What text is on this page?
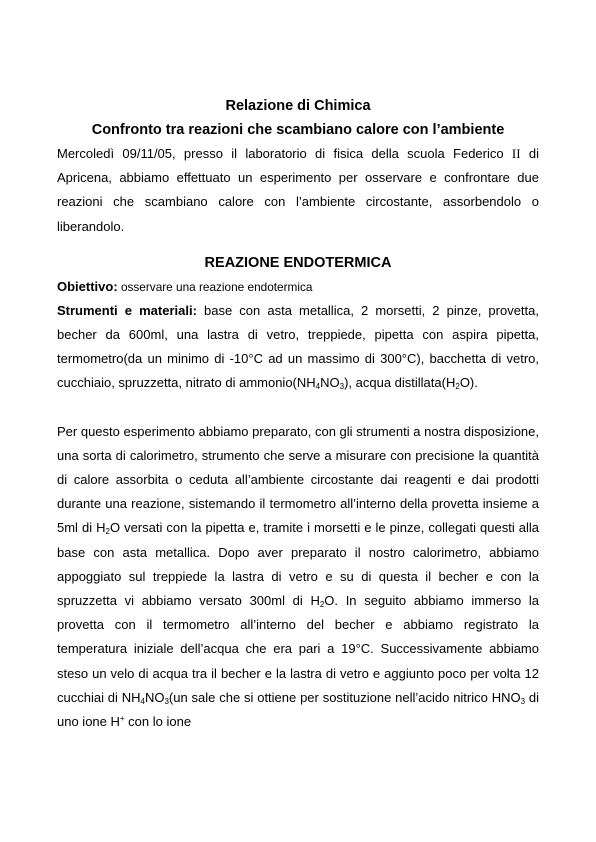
Relazione di Chimica
Confronto tra reazioni che scambiano calore con l’ambiente

Mercoledì 09/11/05, presso il laboratorio di fisica della scuola Federico II di Apricena, abbiamo effettuato un esperimento per osservare e confrontare due reazioni che scambiano calore con l’ambiente circostante, assorbendolo o liberandolo.

REAZIONE ENDOTERMICA

Obiettivo: osservare una reazione endotermica

Strumenti e materiali: base con asta metallica, 2 morsetti, 2 pinze, provetta, becher da 600ml, una lastra di vetro, treppiede, pipetta con aspira pipetta, termometro(da un minimo di -10°C ad un massimo di 300°C), bacchetta di vetro, cucchiaio, spruzzetta, nitrato di $ammonio(NH_4NO_3)$, acqua $distillata(H_2O)$.

Per questo esperimento abbiamo preparato, con gli strumenti a nostra disposizione, una sorta di calorimetro, strumento che serve a misurare con precisione la quantità di calore assorbita o ceduta all’ambiente circostante dai reagenti e dai prodotti durante una reazione, sistemando il termometro all’interno della provetta insieme a 5ml di $H_2O$ versati con la pipetta e, tramite i morsetti e le pinze, collegati questi alla base con asta metallica. Dopo aver preparato il nostro calorimetro, abbiamo appoggiato sul treppiede la lastra di vetro e su di questa il becher e con la spruzzetta vi abbiamo versato 300ml di $H_2O$. In seguito abbiamo immerso la provetta con il termometro all’interno del becher e abbiamo registrato la temperatura iniziale dell’acqua che era pari a 19°C. Successivamente abbiamo steso un velo di acqua tra il becher e la lastra di vetro e aggiunto poco per volta 12 cucchiai di $NH_4NO_3(un$ sale che si ottiene per sostituzione nell’acido nitrico $HNO_3$ di uno ione H+ con lo ione
